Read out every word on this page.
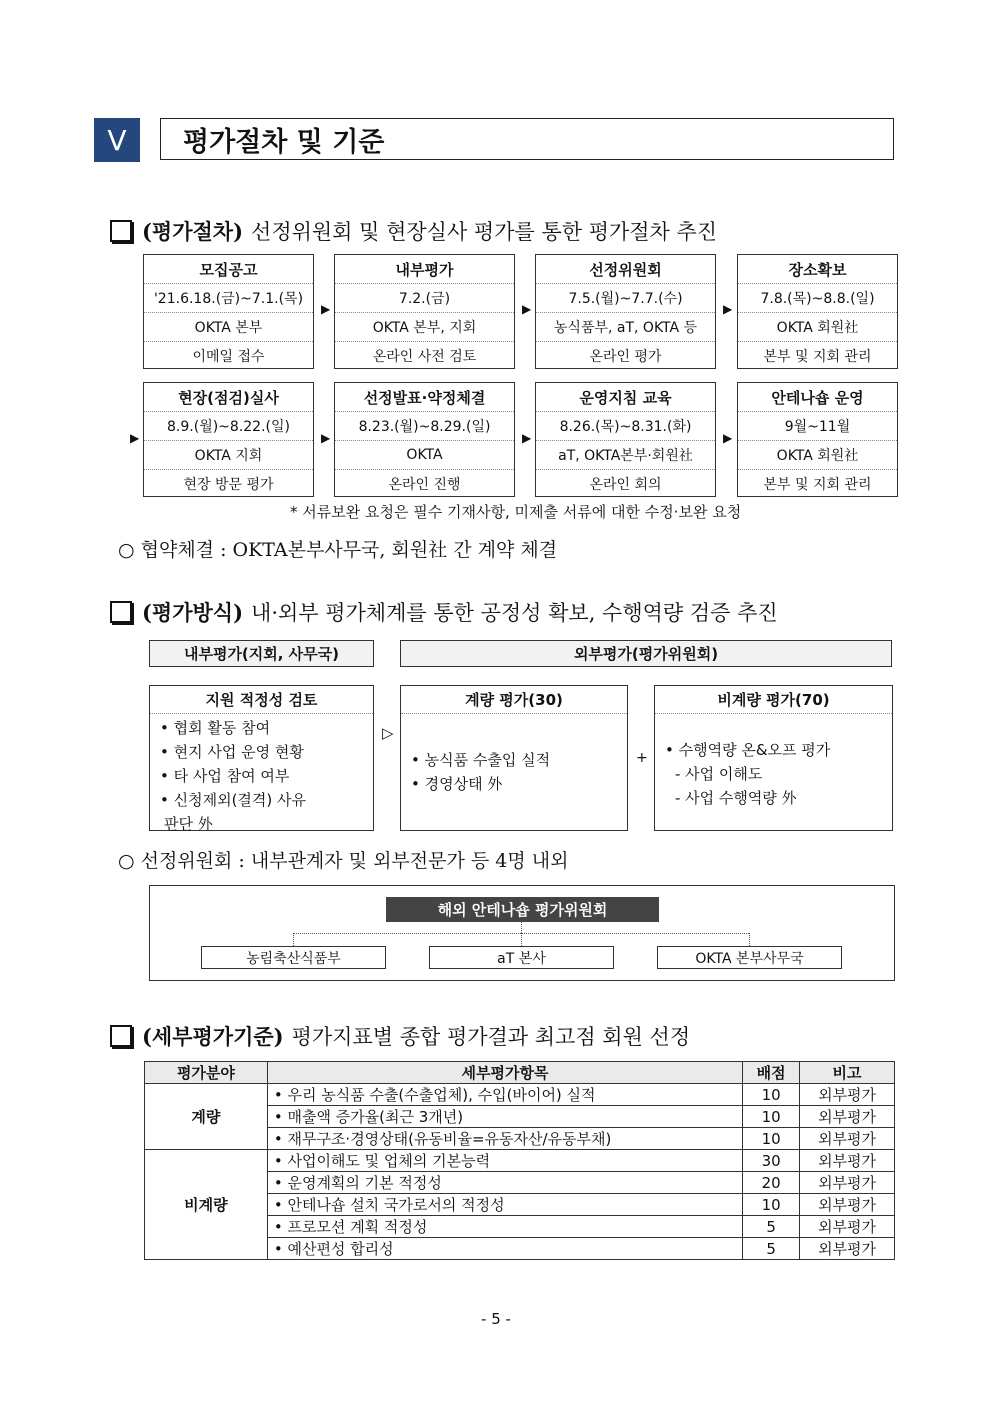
Ⅴ	평가절차 및 기준
(평가절차) 선정위원회 및 현장실사 평가를 통한 평가절차 추진
모집공고
'21.6.18.(금)~7.1.(목)
OKTA 본부
이메일 접수
▶
내부평가
7.2.(금)
OKTA 본부, 지회
온라인 사전 검토
▶
선정위원회
7.5.(월)~7.7.(수)
농식품부, aT, OKTA 등
온라인 평가
▶
장소확보
7.8.(목)~8.8.(일)
OKTA 회원社
본부 및 지회 관리
▶
현장(점검)실사
8.9.(월)~8.22.(일)
OKTA 지회
현장 방문 평가
▶
선정발표·약정체결
8.23.(월)~8.29.(일)
OKTA
온라인 진행
▶
운영지침 교육
8.26.(목)~8.31.(화)
aT, OKTA본부·회원社
온라인 회의
▶
안테나숍 운영
9월~11월
OKTA 회원社
본부 및 지회 관리
* 서류보완 요청은 필수 기재사항, 미제출 서류에 대한 수정·보완 요청
○ 협약체결 : OKTA본부사무국, 회원社 간 계약 체결
(평가방식) 내·외부 평가체계를 통한 공정성 확보, 수행역량 검증 추진
내부평가(지회, 사무국)	외부평가(평가위원회)
지원 적정성 검토
• 협회 활동 참여
• 현지 사업 운영 현황
• 타 사업 참여 여부
• 신청제외(결격) 사유
판단 外
▷
계량 평가(30)
• 농식품 수출입 실적
• 경영상태 外
+
비계량 평가(70)
• 수행역량 온&오프 평가
- 사업 이해도
- 사업 수행역량 外
○ 선정위원회 : 내부관계자 및 외부전문가 등 4명 내외
해외 안테나숍 평가위원회
농림축산식품부	aT 본사	OKTA 본부사무국
(세부평가기준) 평가지표별 종합 평가결과 최고점 회원 선정
평가분야	세부평가항목	배점	비고
계량	• 우리 농식품 수출(수출업체), 수입(바이어) 실적	10	외부평가
	• 매출액 증가율(최근 3개년)	10	외부평가
	• 재무구조·경영상태(유동비율=유동자산/유동부채)	10	외부평가
비계량	• 사업이해도 및 업체의 기본능력	30	외부평가
	• 운영계획의 기본 적정성	20	외부평가
	• 안테나숍 설치 국가로서의 적정성	10	외부평가
	• 프로모션 계획 적정성	5	외부평가
	• 예산편성 합리성	5	외부평가
- 5 -
